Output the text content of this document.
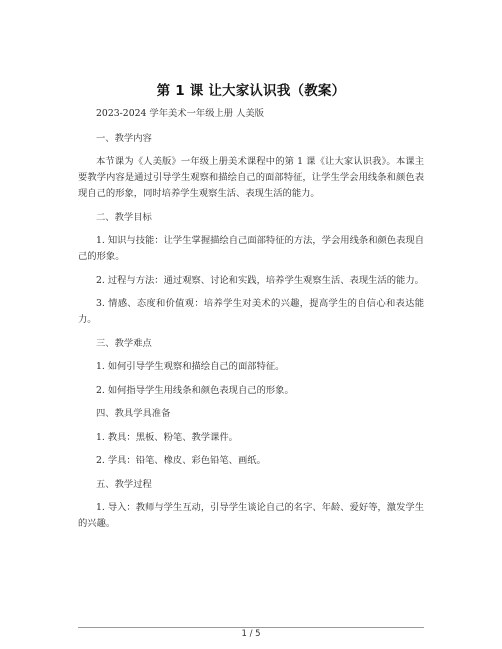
第 1 课 让大家认识我（教案）

2023-2024 学年美术一年级上册 人美版

一、教学内容

本节课为《人美版》一年级上册美术课程中的第 1 课《让大家认识我》。本课主要教学内容是通过引导学生观察和描绘自己的面部特征，让学生学会用线条和颜色表现自己的形象，同时培养学生观察生活、表现生活的能力。

二、教学目标

1. 知识与技能：让学生掌握描绘自己面部特征的方法，学会用线条和颜色表现自己的形象。

2. 过程与方法：通过观察、讨论和实践，培养学生观察生活、表现生活的能力。

3. 情感、态度和价值观：培养学生对美术的兴趣，提高学生的自信心和表达能力。

三、教学难点

1. 如何引导学生观察和描绘自己的面部特征。

2. 如何指导学生用线条和颜色表现自己的形象。

四、教具学具准备

1. 教具：黑板、粉笔、教学课件。

2. 学具：铅笔、橡皮、彩色铅笔、画纸。

五、教学过程

1. 导入：教师与学生互动，引导学生谈论自己的名字、年龄、爱好等，激发学生的兴趣。

1 / 5
